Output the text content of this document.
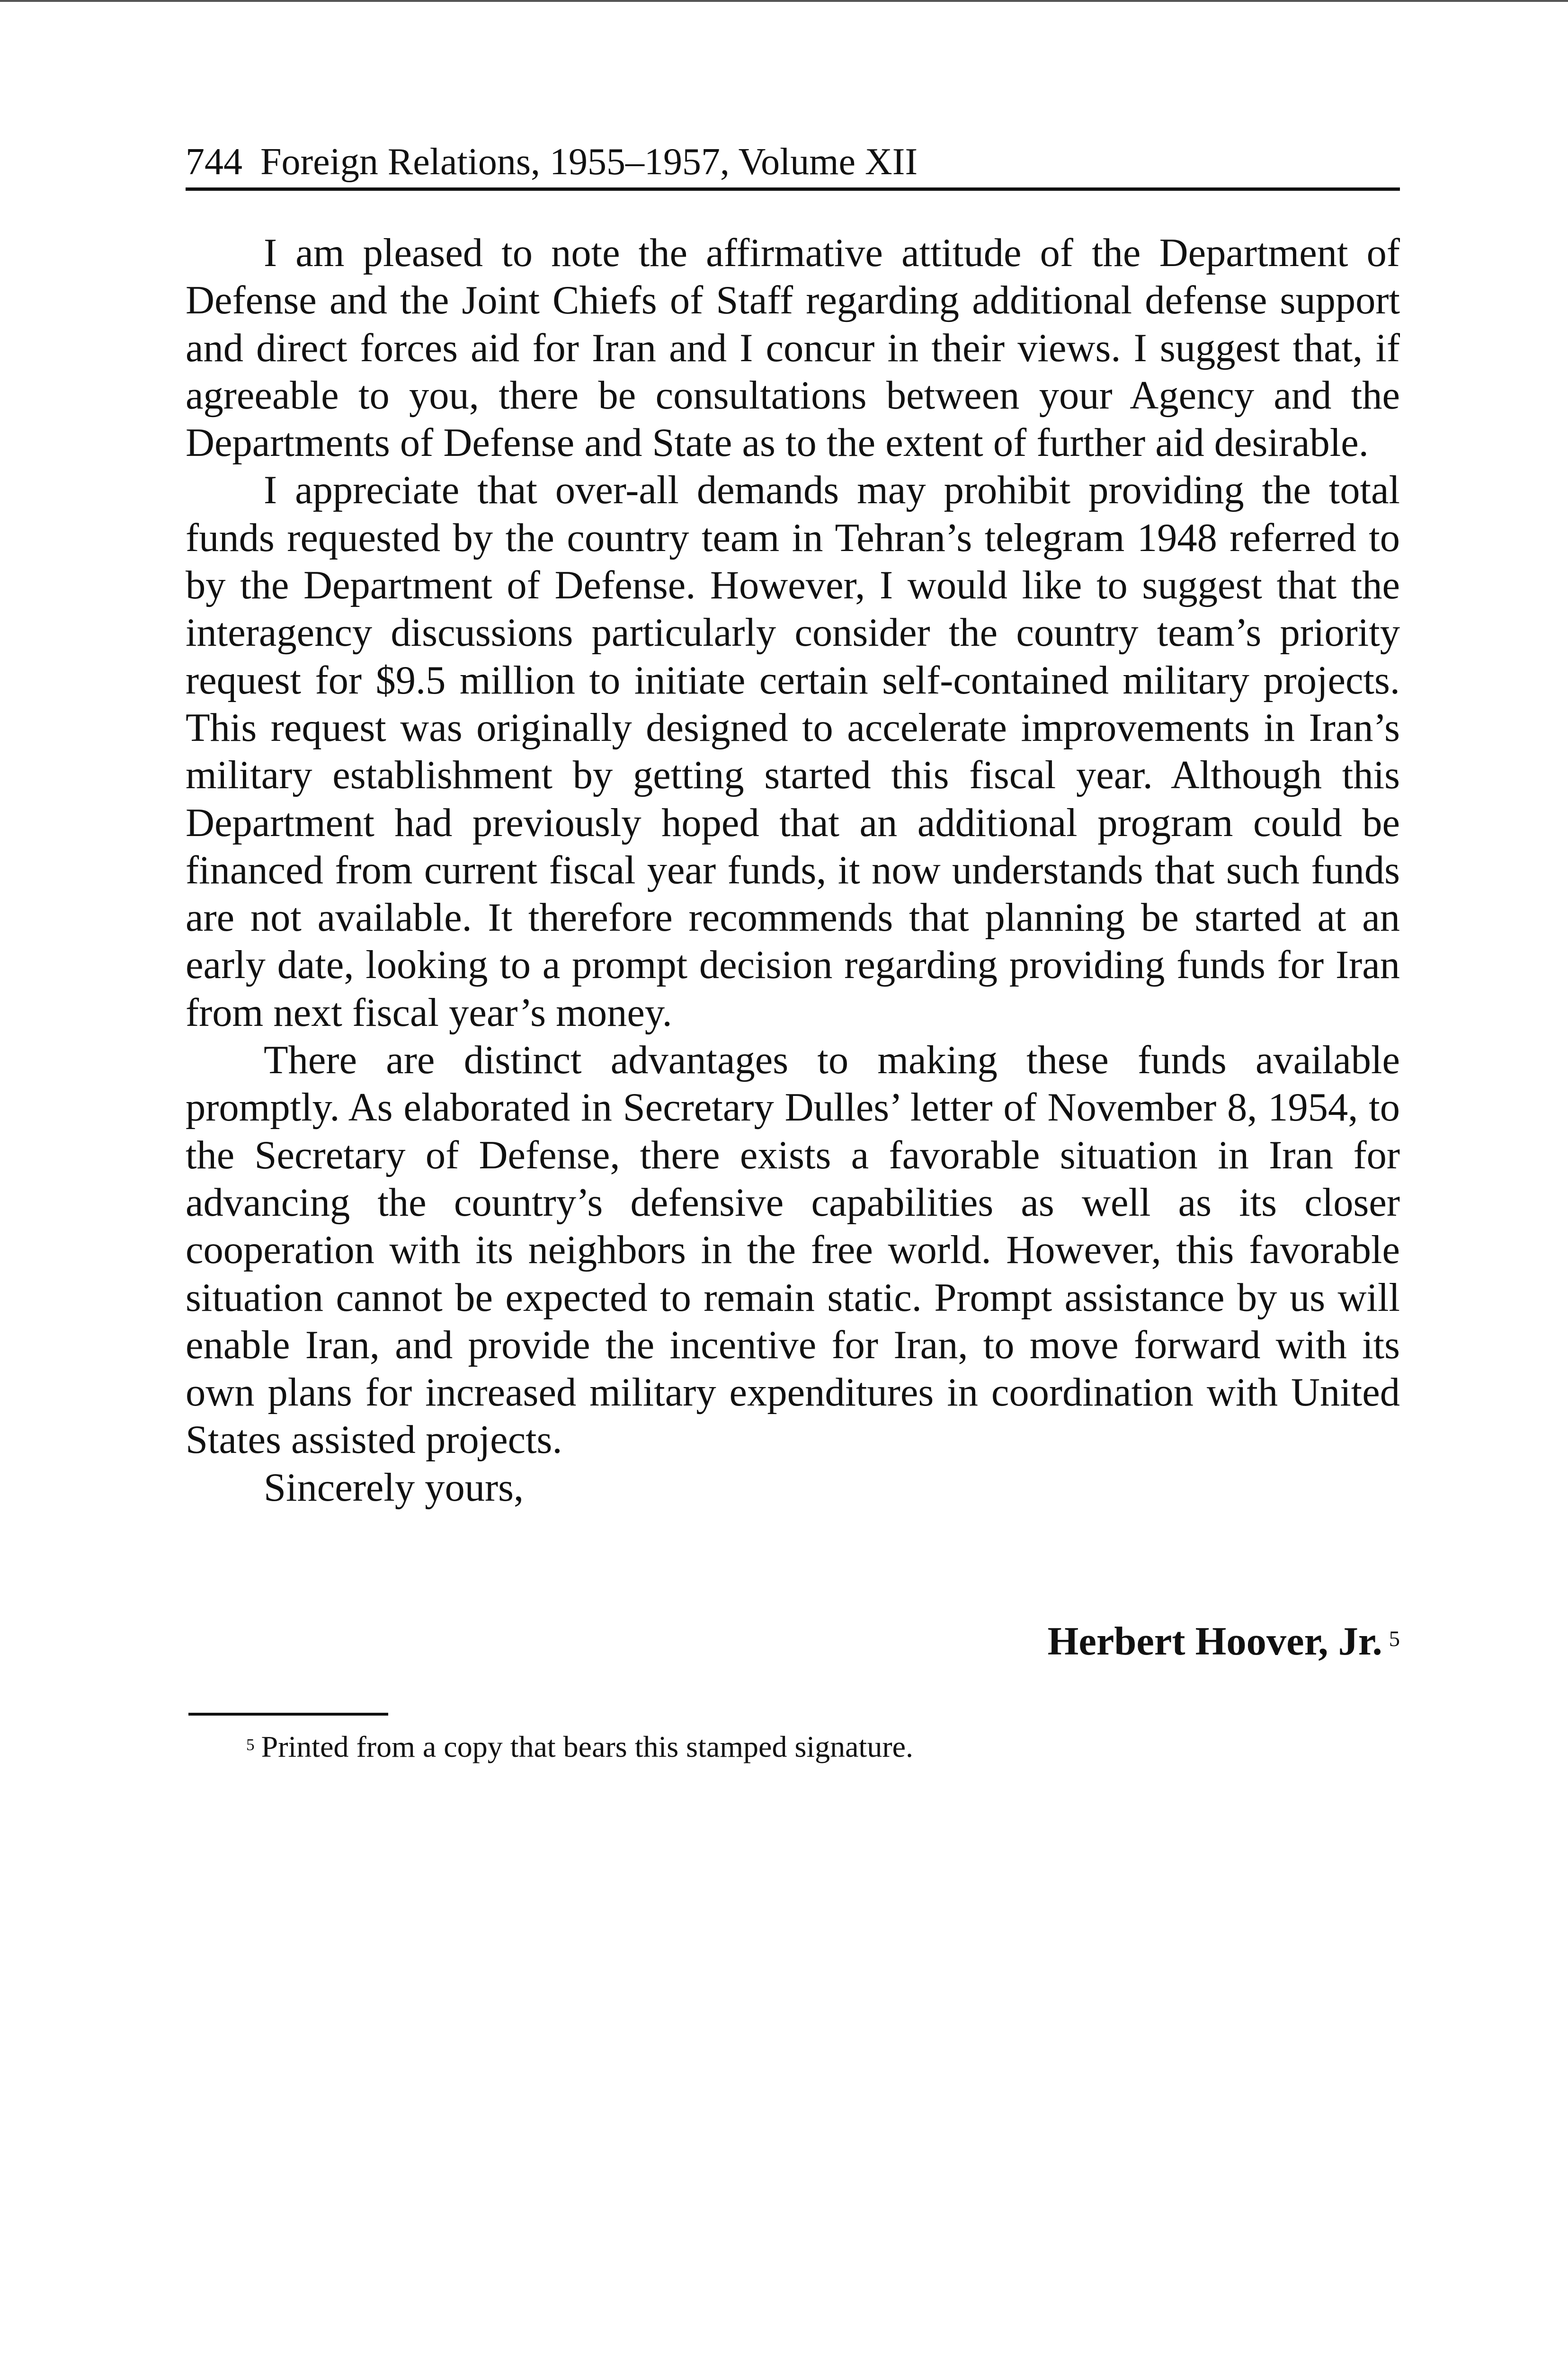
744 Foreign Relations, 1955–1957, Volume XII

I am pleased to note the affirmative attitude of the Department of Defense and the Joint Chiefs of Staff regarding additional defense support and direct forces aid for Iran and I concur in their views. I suggest that, if agreeable to you, there be consultations between your Agency and the Departments of Defense and State as to the extent of further aid desirable.

I appreciate that over-all demands may prohibit providing the total funds requested by the country team in Tehran’s telegram 1948 referred to by the Department of Defense. However, I would like to suggest that the interagency discussions particularly consider the country team’s priority request for $9.5 million to initiate certain self-contained military projects. This request was originally designed to accelerate improvements in Iran’s military establishment by getting started this fiscal year. Although this Department had previously hoped that an additional program could be financed from current fiscal year funds, it now understands that such funds are not available. It therefore recommends that planning be started at an early date, looking to a prompt decision regarding providing funds for Iran from next fiscal year’s money.

There are distinct advantages to making these funds available promptly. As elaborated in Secretary Dulles’ letter of November 8, 1954, to the Secretary of Defense, there exists a favorable situation in Iran for advancing the country’s defensive capabilities as well as its closer cooperation with its neighbors in the free world. However, this favorable situation cannot be expected to remain static. Prompt assistance by us will enable Iran, and provide the incentive for Iran, to move forward with its own plans for increased military expenditures in coordination with United States assisted projects.

Sincerely yours,

Herbert Hoover, Jr. $^5$
$^5$ Printed from a copy that bears this stamped signature.
